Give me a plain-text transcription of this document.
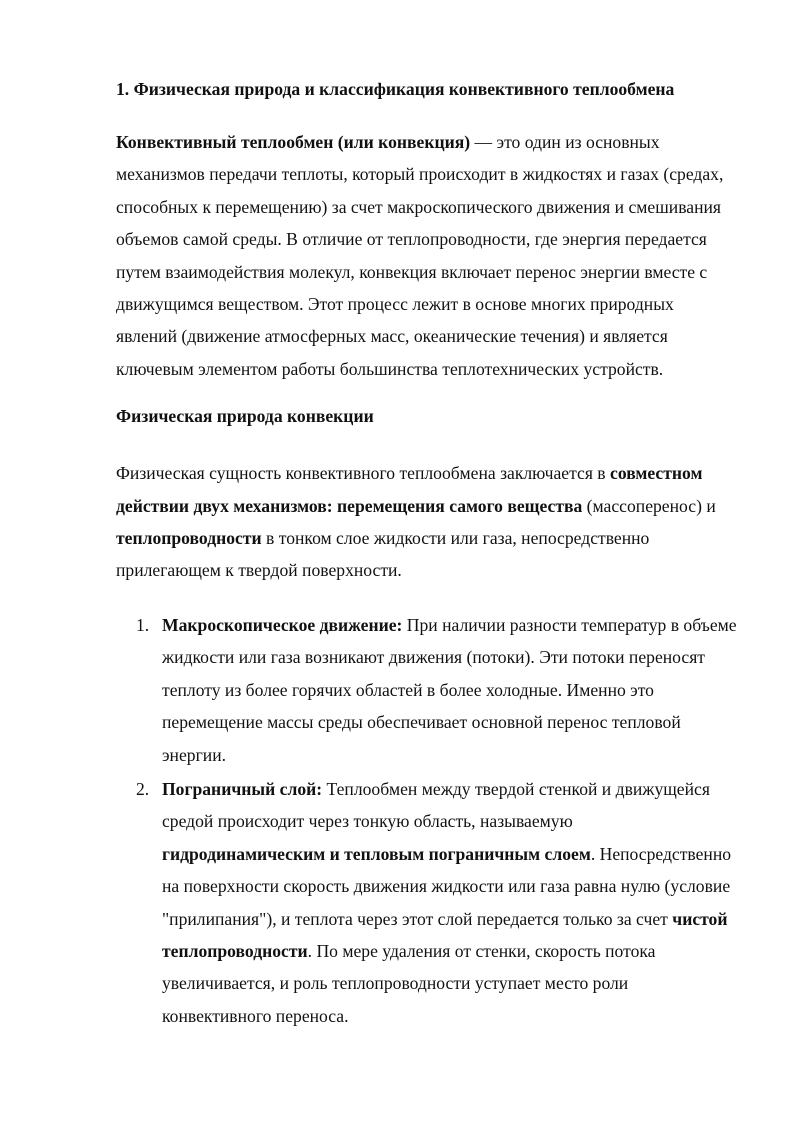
1. Физическая природа и классификация конвективного теплообмена

Конвективный теплообмен (или конвекция) — это один из основных механизмов передачи теплоты, который происходит в жидкостях и газах (средах, способных к перемещению) за счет макроскопического движения и смешивания объемов самой среды. В отличие от теплопроводности, где энергия передается путем взаимодействия молекул, конвекция включает перенос энергии вместе с движущимся веществом. Этот процесс лежит в основе многих природных явлений (движение атмосферных масс, океанические течения) и является ключевым элементом работы большинства теплотехнических устройств.

Физическая природа конвекции

Физическая сущность конвективного теплообмена заключается в совместном действии двух механизмов: перемещения самого вещества (массоперенос) и теплопроводности в тонком слое жидкости или газа, непосредственно прилегающем к твердой поверхности.

1. Макроскопическое движение: При наличии разности температур в объеме жидкости или газа возникают движения (потоки). Эти потоки переносят теплоту из более горячих областей в более холодные. Именно это перемещение массы среды обеспечивает основной перенос тепловой энергии.
2. Пограничный слой: Теплообмен между твердой стенкой и движущейся средой происходит через тонкую область, называемую гидродинамическим и тепловым пограничным слоем. Непосредственно на поверхности скорость движения жидкости или газа равна нулю (условие "прилипания"), и теплота через этот слой передается только за счет чистой теплопроводности. По мере удаления от стенки, скорость потока увеличивается, и роль теплопроводности уступает место роли конвективного переноса.
